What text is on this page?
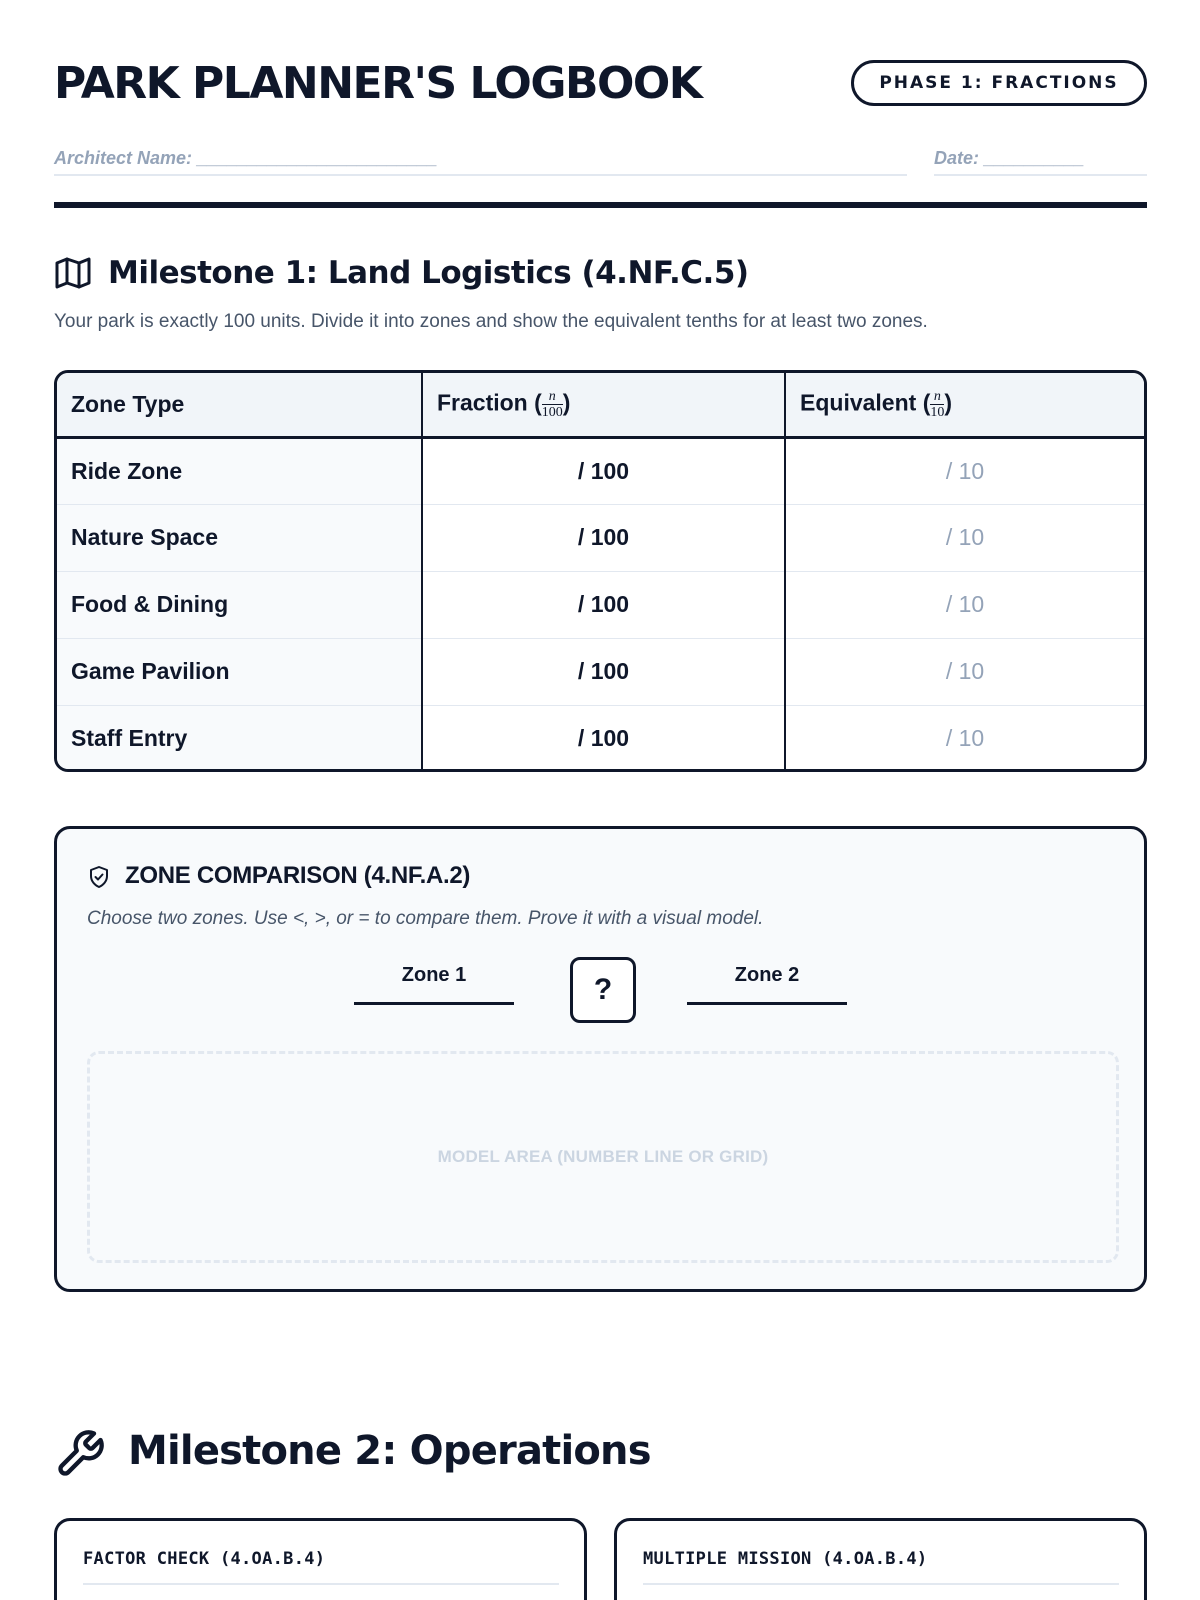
PARK PLANNER'S LOGBOOK	PHASE 1: FRACTIONS
Architect Name: ________________________	Date: __________
Milestone 1: Land Logistics (4.NF.C.5)
Your park is exactly 100 units. Divide it into zones and show the equivalent tenths for at least two zones.
Zone Type	Fraction ( $\frac{n}{100}$ )	Equivalent ( $\frac{n}{10}$ )
Ride Zone	/ 100	/ 10
Nature Space	/ 100	/ 10
Food & Dining	/ 100	/ 10
Game Pavilion	/ 100	/ 10
Staff Entry	/ 100	/ 10
ZONE COMPARISON (4.NF.A.2)
Choose two zones. Use <, >, or = to compare them. Prove it with a visual model.
Zone 1	?	Zone 2
MODEL AREA (NUMBER LINE OR GRID)
Milestone 2: Operations
FACTOR CHECK (4.OA.B.4)	MULTIPLE MISSION (4.OA.B.4)
